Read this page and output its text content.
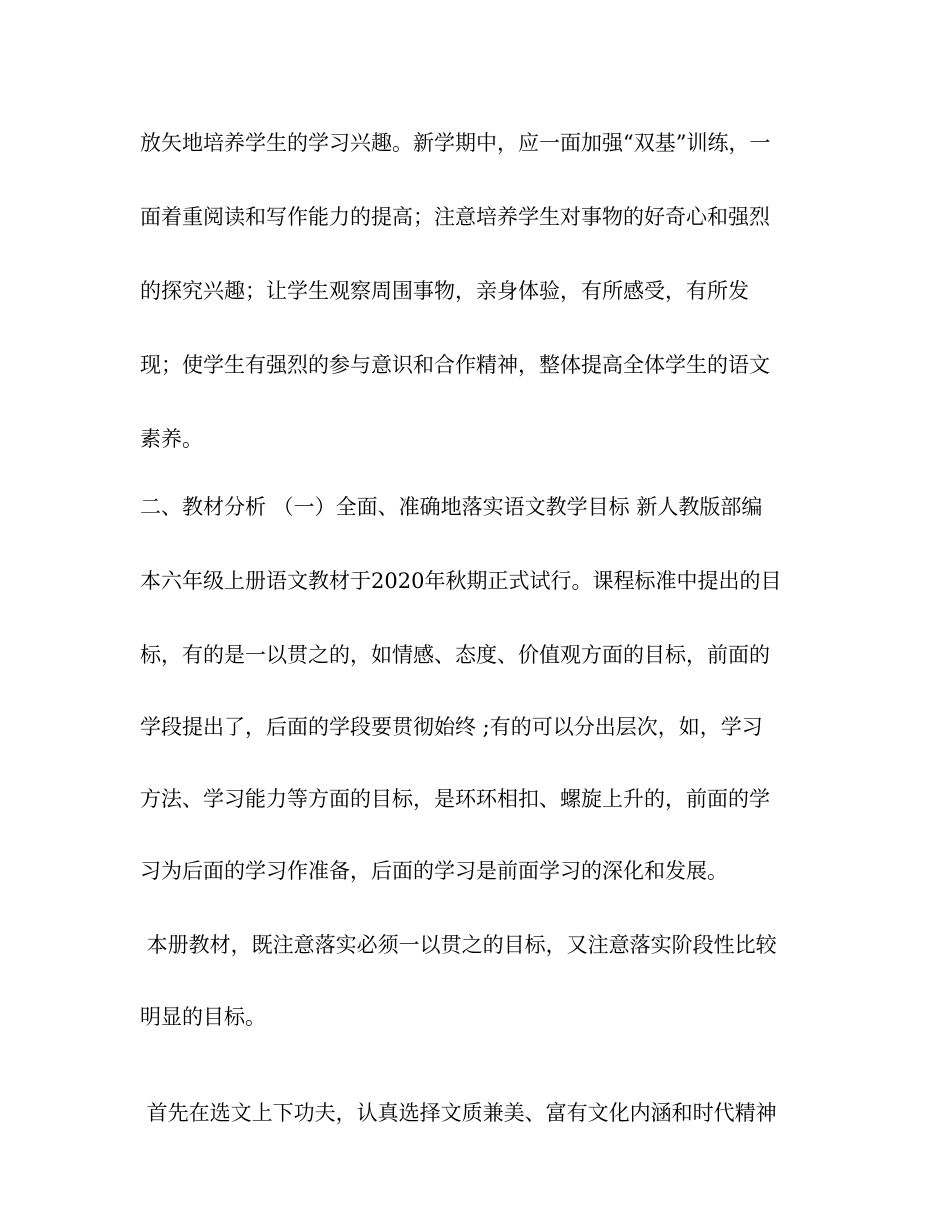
放矢地培养学生的学习兴趣。新学期中，应一面加强“双基”训练，一
面着重阅读和写作能力的提高；注意培养学生对事物的好奇心和强烈
的探究兴趣；让学生观察周围事物，亲身体验，有所感受，有所发
现；使学生有强烈的参与意识和合作精神，整体提高全体学生的语文
素养。
二、教材分析 （一）全面、准确地落实语文教学目标 新人教版部编
本六年级上册语文教材于2020年秋期正式试行。课程标准中提出的目
标，有的是一以贯之的，如情感、态度、价值观方面的目标，前面的
学段提出了，后面的学段要贯彻始终 ;有的可以分出层次，如，学习
方法、学习能力等方面的目标，是环环相扣、螺旋上升的，前面的学
习为后面的学习作准备，后面的学习是前面学习的深化和发展。
本册教材，既注意落实必须一以贯之的目标，又注意落实阶段性比较
明显的目标。
首先在选文上下功夫，认真选择文质兼美、富有文化内涵和时代精神
